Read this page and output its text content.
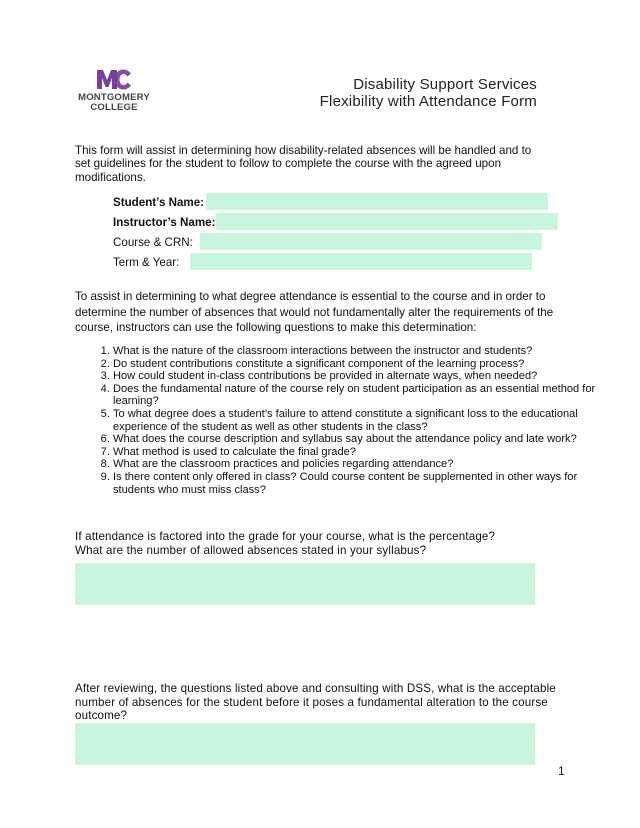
MONTGOMERY
COLLEGE
Disability Support Services
Flexibility with Attendance Form
This form will assist in determining how disability-related absences will be handled and to set guidelines for the student to follow to complete the course with the agreed upon modifications.
Student’s Name:
Instructor’s Name:
Course & CRN:
Term & Year:
To assist in determining to what degree attendance is essential to the course and in order to determine the number of absences that would not fundamentally alter the requirements of the course, instructors can use the following questions to make this determination:
1. What is the nature of the classroom interactions between the instructor and students?
2. Do student contributions constitute a significant component of the learning process?
3. How could student in-class contributions be provided in alternate ways, when needed?
4. Does the fundamental nature of the course rely on student participation as an essential method for learning?
5. To what degree does a student’s failure to attend constitute a significant loss to the educational experience of the student as well as other students in the class?
6. What does the course description and syllabus say about the attendance policy and late work?
7. What method is used to calculate the final grade?
8. What are the classroom practices and policies regarding attendance?
9. Is there content only offered in class? Could course content be supplemented in other ways for students who must miss class?
If attendance is factored into the grade for your course, what is the percentage?
What are the number of allowed absences stated in your syllabus?
After reviewing, the questions listed above and consulting with DSS, what is the acceptable number of absences for the student before it poses a fundamental alteration to the course outcome?
1
